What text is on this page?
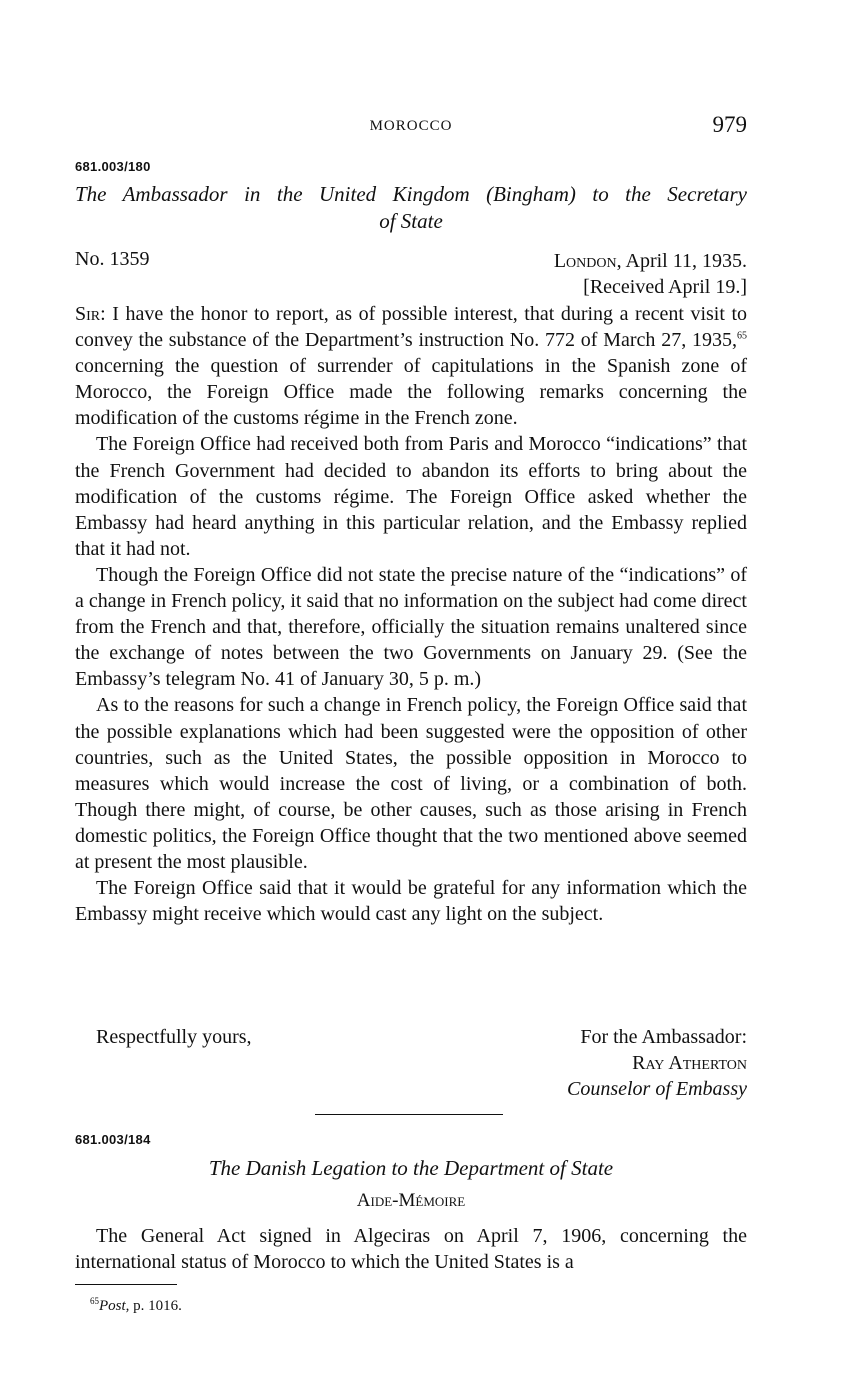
MOROCCO	979
681.003/180
The Ambassador in the United Kingdom (Bingham) to the Secretary
of State
No. 1359	London, April 11, 1935.
[Received April 19.]

Sir: I have the honor to report, as of possible interest, that during a recent visit to convey the substance of the Department’s instruction No. 772 of March 27, 1935,65 concerning the question of surrender of capitulations in the Spanish zone of Morocco, the Foreign Office made the following remarks concerning the modification of the customs régime in the French zone.

The Foreign Office had received both from Paris and Morocco “indications” that the French Government had decided to abandon its efforts to bring about the modification of the customs régime. The Foreign Office asked whether the Embassy had heard anything in this particular relation, and the Embassy replied that it had not.

Though the Foreign Office did not state the precise nature of the “indications” of a change in French policy, it said that no information on the subject had come direct from the French and that, therefore, officially the situation remains unaltered since the exchange of notes between the two Governments on January 29. (See the Embassy’s telegram No. 41 of January 30, 5 p. m.)

As to the reasons for such a change in French policy, the Foreign Office said that the possible explanations which had been suggested were the opposition of other countries, such as the United States, the possible opposition in Morocco to measures which would increase the cost of living, or a combination of both. Though there might, of course, be other causes, such as those arising in French domestic politics, the Foreign Office thought that the two mentioned above seemed at present the most plausible.

The Foreign Office said that it would be grateful for any information which the Embassy might receive which would cast any light on the subject.

Respectfully yours,	For the Ambassador:
Ray Atherton
Counselor of Embassy
681.003/184
The Danish Legation to the Department of State
Aide-Mémoire

The General Act signed in Algeciras on April 7, 1906, concerning the international status of Morocco to which the United States is a

$^{65}$Post, p. 1016.
